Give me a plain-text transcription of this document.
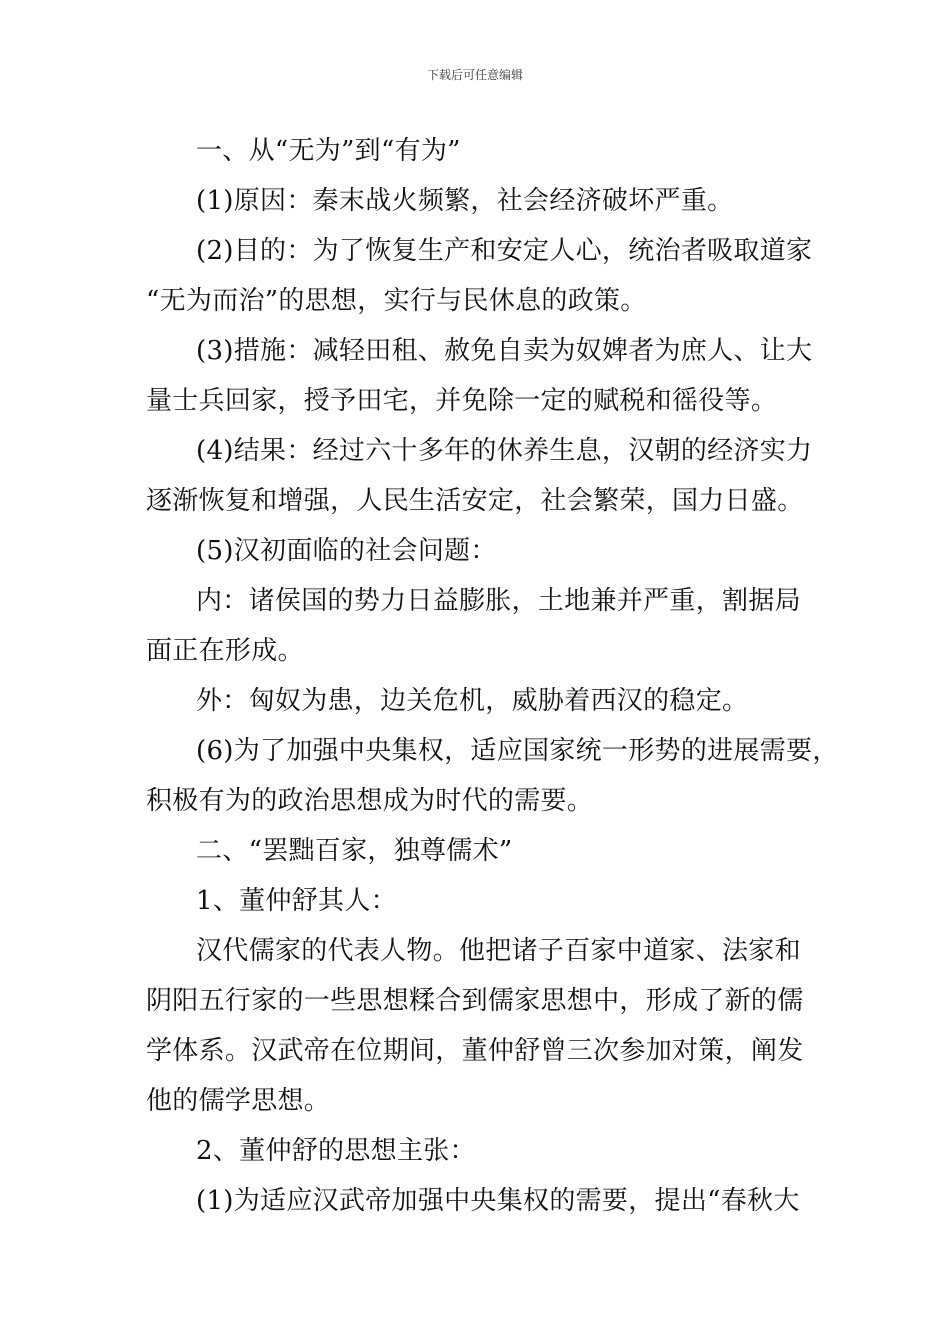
下载后可任意编辑
一、从“无为”到“有为”
(1)原因：秦末战火频繁，社会经济破坏严重。
(2)目的：为了恢复生产和安定人心，统治者吸取道家
“无为而治”的思想，实行与民休息的政策。
(3)措施：减轻田租、赦免自卖为奴婢者为庶人、让大
量士兵回家，授予田宅，并免除一定的赋税和徭役等。
(4)结果：经过六十多年的休养生息，汉朝的经济实力
逐渐恢复和增强，人民生活安定，社会繁荣，国力日盛。
(5)汉初面临的社会问题：
内：诸侯国的势力日益膨胀，土地兼并严重，割据局
面正在形成。
外：匈奴为患，边关危机，威胁着西汉的稳定。
(6)为了加强中央集权，适应国家统一形势的进展需要，
积极有为的政治思想成为时代的需要。
二、“罢黜百家，独尊儒术”
1、董仲舒其人：
汉代儒家的代表人物。他把诸子百家中道家、法家和
阴阳五行家的一些思想糅合到儒家思想中，形成了新的儒
学体系。汉武帝在位期间，董仲舒曾三次参加对策，阐发
他的儒学思想。
2、董仲舒的思想主张：
(1)为适应汉武帝加强中央集权的需要，提出“春秋大
